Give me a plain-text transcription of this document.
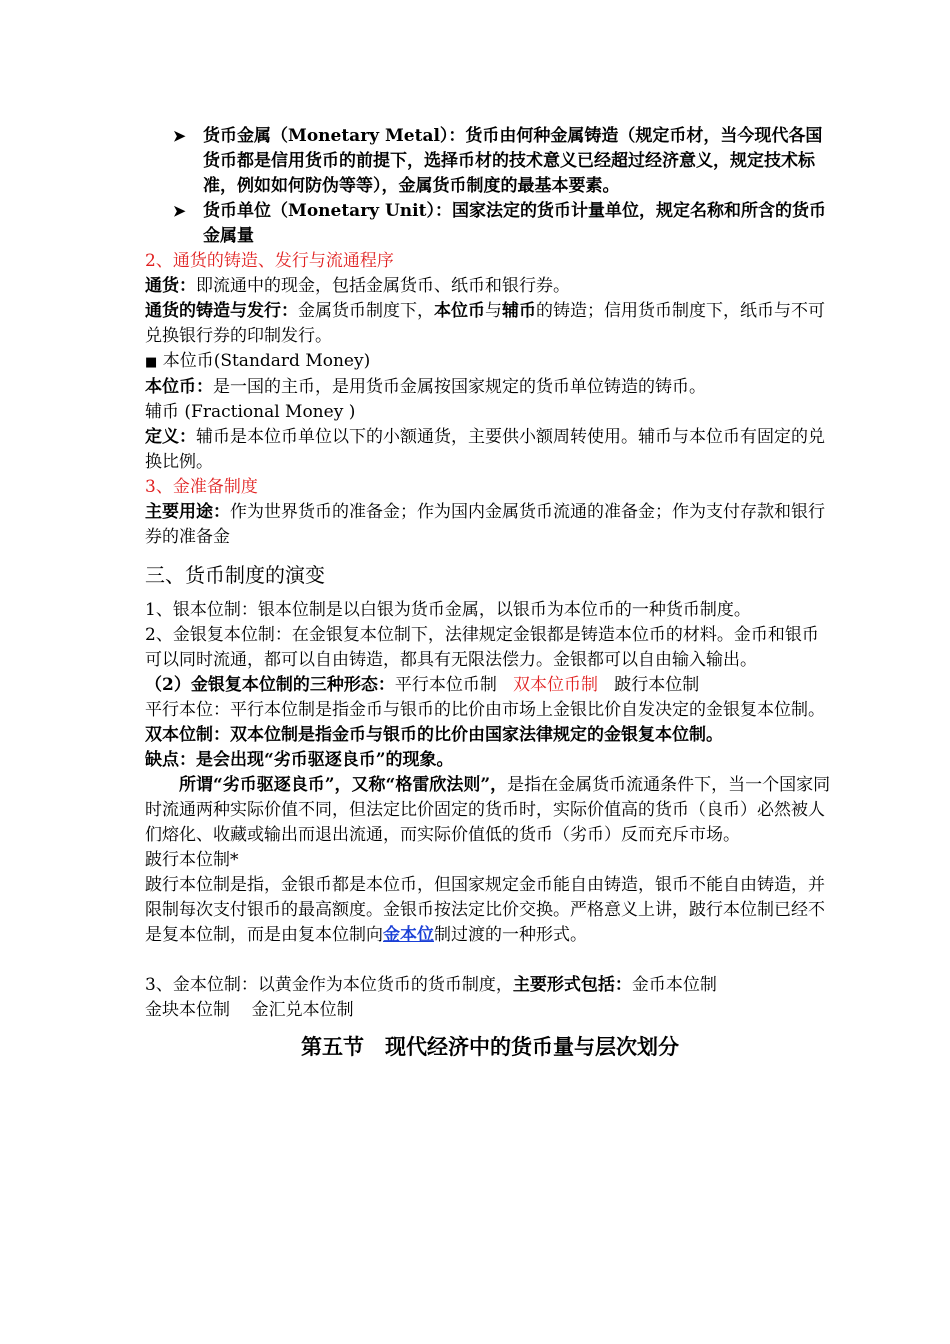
➤ 货币金属（Monetary Metal）：货币由何种金属铸造（规定币材，当今现代各国货币都是信用货币的前提下，选择币材的技术意义已经超过经济意义，规定技术标准，例如如何防伪等等），金属货币制度的最基本要素。
➤ 货币单位（Monetary Unit）：国家法定的货币计量单位，规定名称和所含的货币金属量

2、通货的铸造、发行与流通程序

通货：即流通中的现金，包括金属货币、纸币和银行券。

通货的铸造与发行：金属货币制度下，本位币与辅币的铸造；信用货币制度下，纸币与不可兑换银行券的印制发行。

■ 本位币(Standard Money)

本位币：是一国的主币，是用货币金属按国家规定的货币单位铸造的铸币。

辅币 (Fractional Money )

定义：辅币是本位币单位以下的小额通货，主要供小额周转使用。辅币与本位币有固定的兑换比例。

3、金准备制度

主要用途：作为世界货币的准备金；作为国内金属货币流通的准备金；作为支付存款和银行券的准备金

三、货币制度的演变

1、银本位制：银本位制是以白银为货币金属，以银币为本位币的一种货币制度。

2、金银复本位制：在金银复本位制下，法律规定金银都是铸造本位币的材料。金币和银币可以同时流通，都可以自由铸造，都具有无限法偿力。金银都可以自由输入输出。

（2）金银复本位制的三种形态：平行本位币制 双本位币制 跛行本位制

平行本位：平行本位制是指金币与银币的比价由市场上金银比价自发决定的金银复本位制。

双本位制：双本位制是指金币与银币的比价由国家法律规定的金银复本位制。

缺点：是会出现“劣币驱逐良币”的现象。

所谓“劣币驱逐良币”，又称“格雷欣法则”，是指在金属货币流通条件下，当一个国家同时流通两种实际价值不同，但法定比价固定的货币时，实际价值高的货币（良币）必然被人们熔化、收藏或输出而退出流通，而实际价值低的货币（劣币）反而充斥市场。

跛行本位制*

跛行本位制是指，金银币都是本位币，但国家规定金币能自由铸造，银币不能自由铸造，并限制每次支付银币的最高额度。金银币按法定比价交换。严格意义上讲，跛行本位制已经不是复本位制，而是由复本位制向金本位制过渡的一种形式。

3、金本位制：以黄金作为本位货币的货币制度，主要形式包括：金币本位制
金块本位制 金汇兑本位制

第五节　现代经济中的货币量与层次划分
